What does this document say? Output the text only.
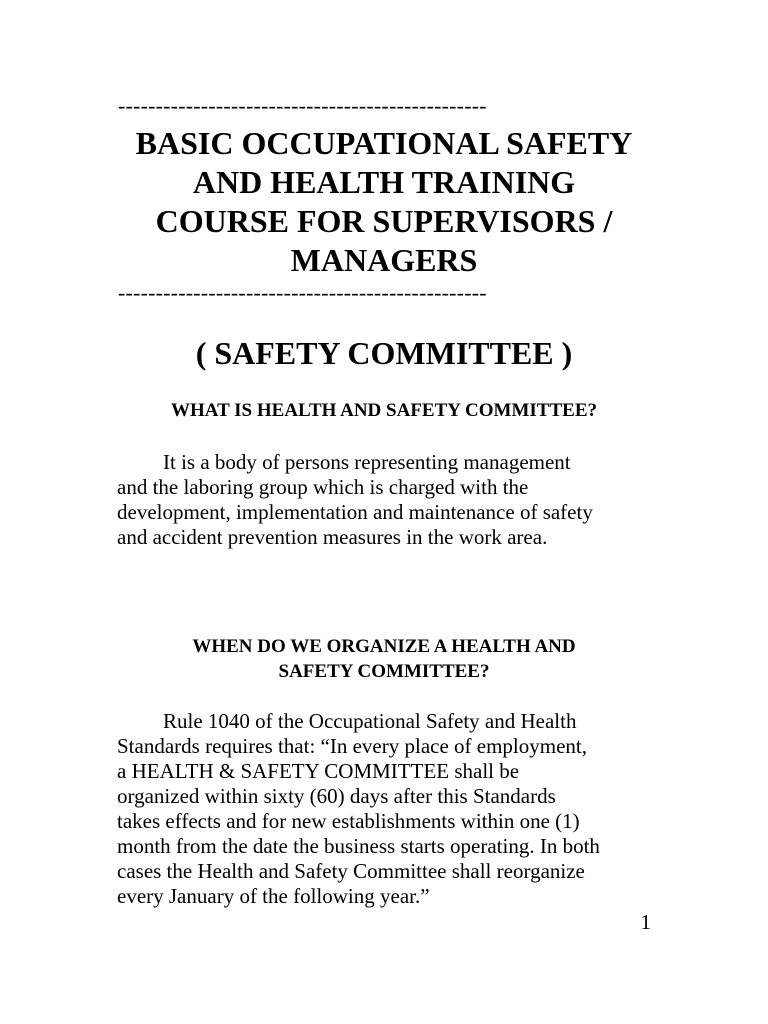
-------------------------------------------------
BASIC OCCUPATIONAL SAFETY
AND HEALTH TRAINING
COURSE FOR SUPERVISORS /
MANAGERS
-------------------------------------------------
( SAFETY COMMITTEE )
WHAT IS HEALTH AND SAFETY COMMITTEE?

It is a body of persons representing management
and the laboring group which is charged with the
development, implementation and maintenance of safety
and accident prevention measures in the work area.

WHEN DO WE ORGANIZE A HEALTH AND
SAFETY COMMITTEE?

Rule 1040 of the Occupational Safety and Health
Standards requires that: “In every place of employment,
a HEALTH & SAFETY COMMITTEE shall be
organized within sixty (60) days after this Standards
takes effects and for new establishments within one (1)
month from the date the business starts operating. In both
cases the Health and Safety Committee shall reorganize
every January of the following year.”

1
